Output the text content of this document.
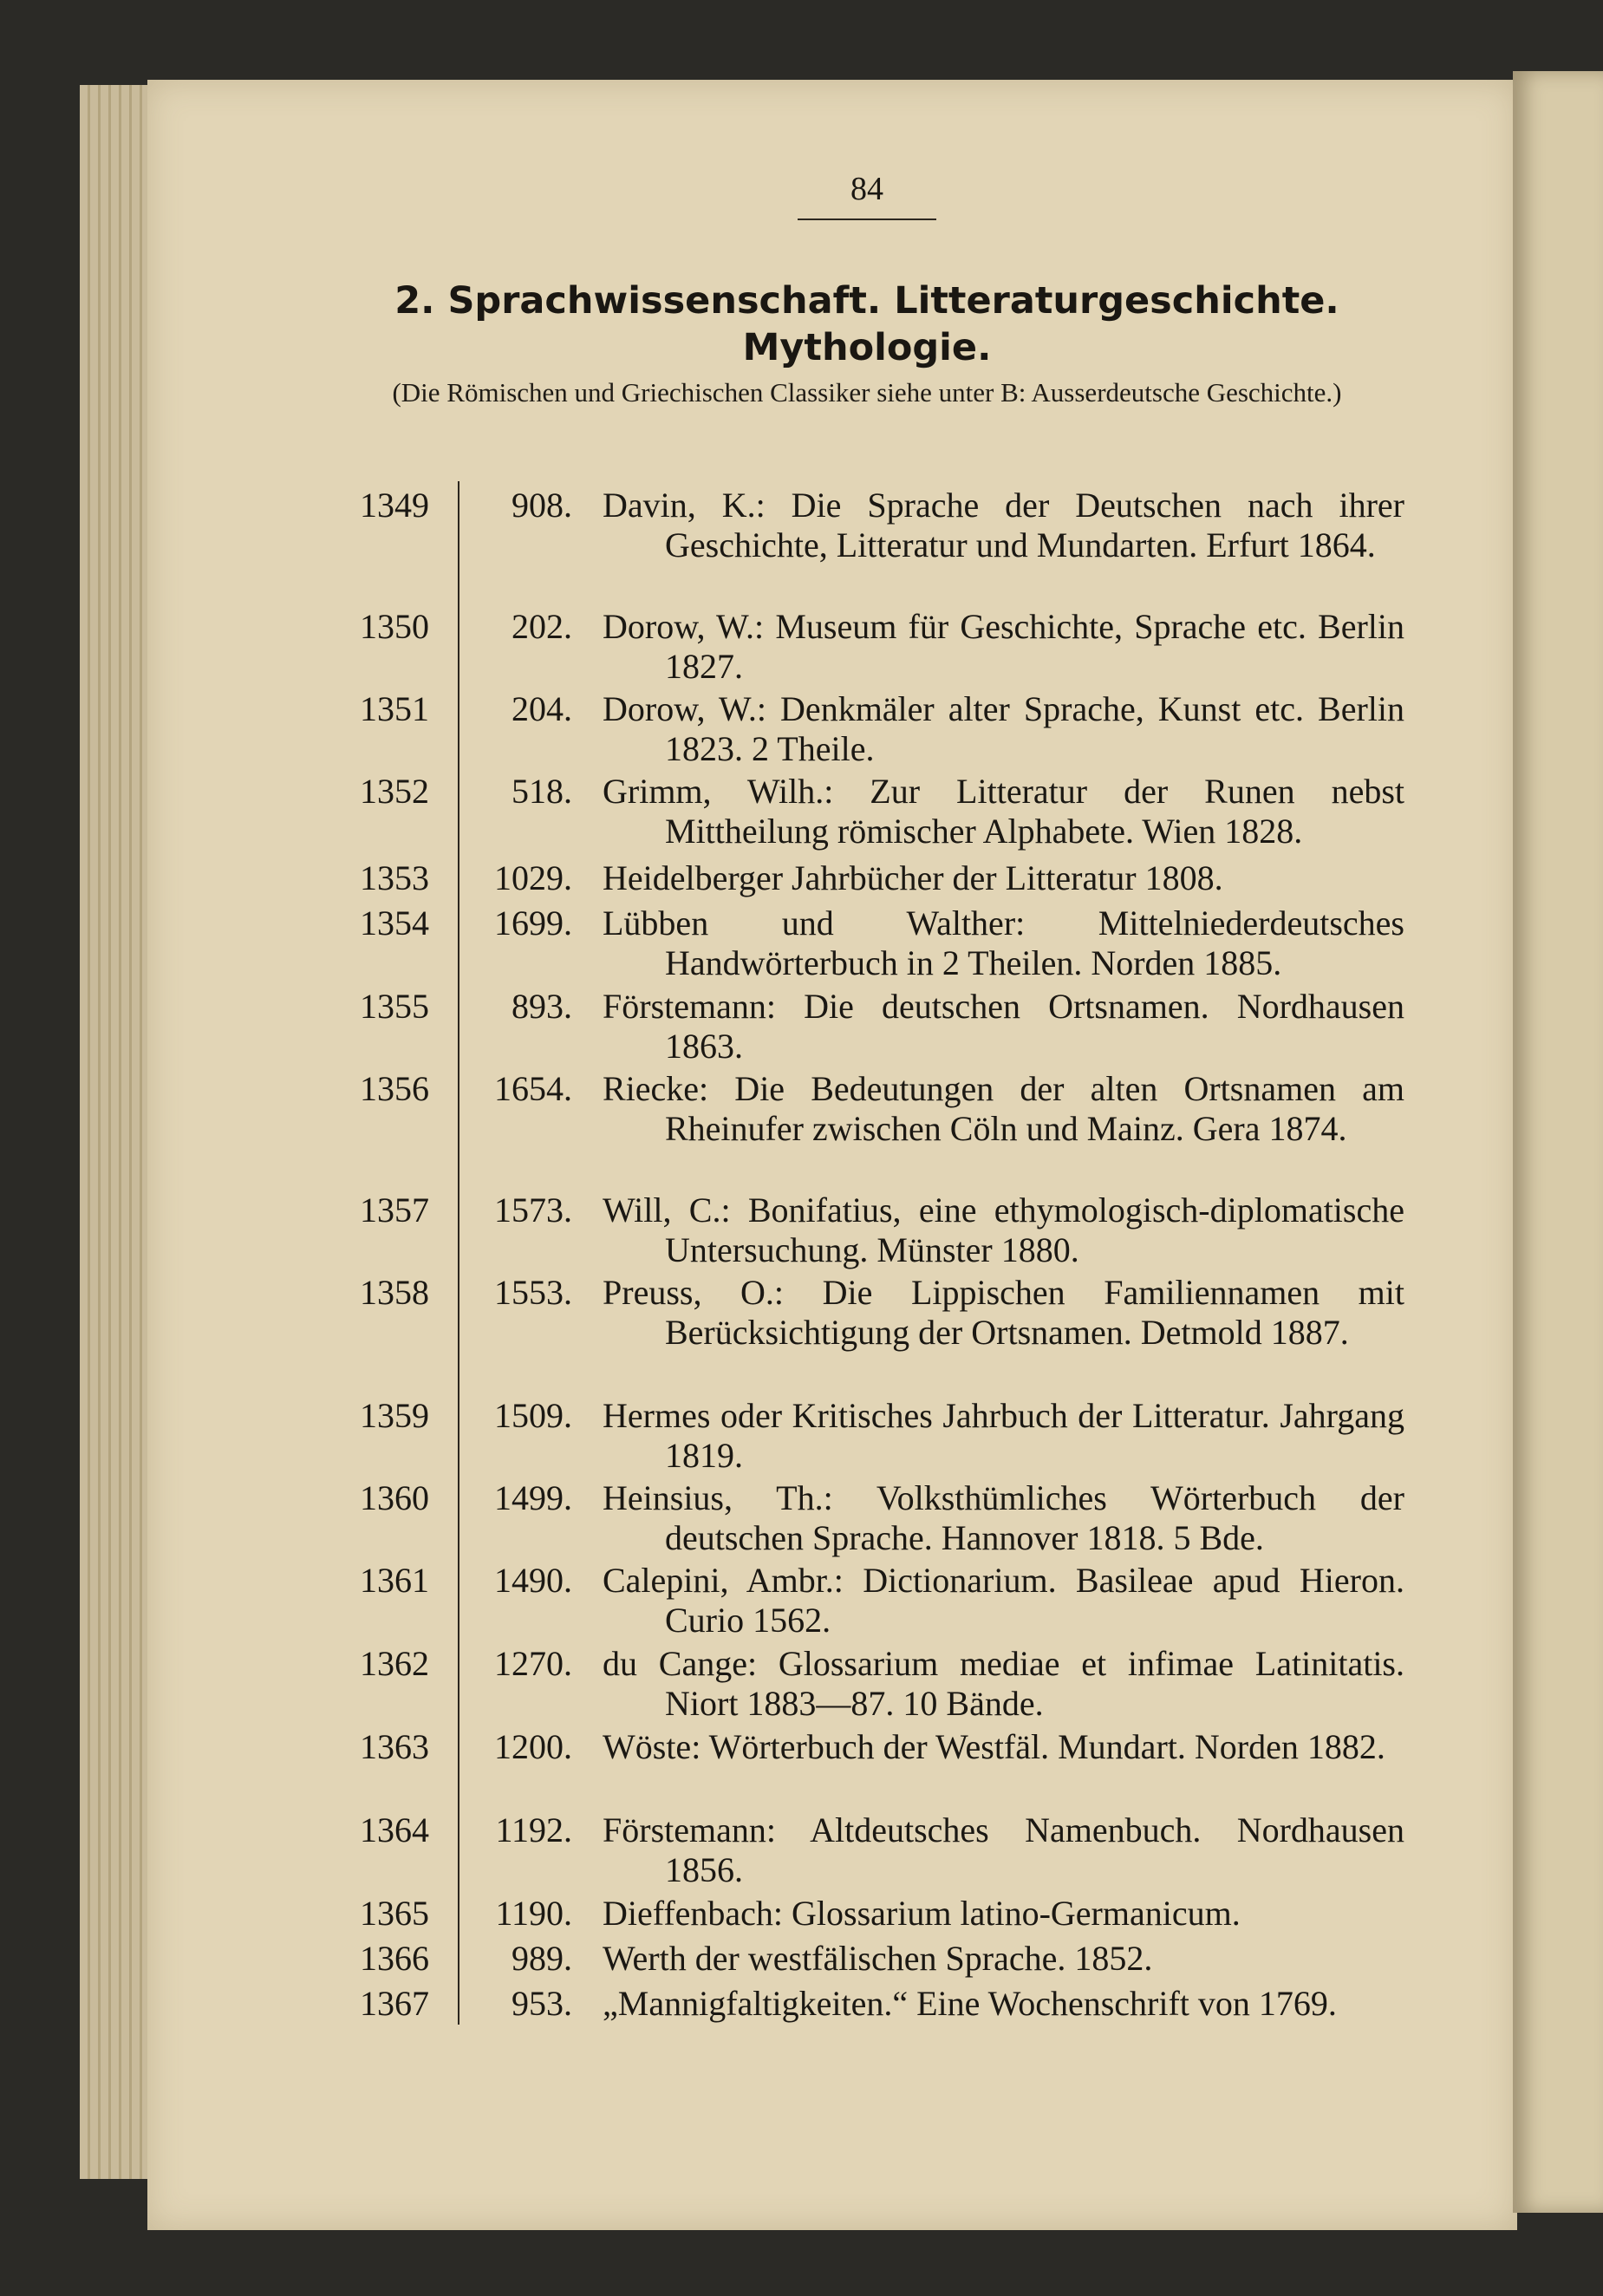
84
2. Sprachwissenschaft. Litteraturgeschichte. Mythologie.
(Die Römischen und Griechischen Classiker siehe unter B: Ausserdeutsche Geschichte.)
1349	908. Davin, K.: Die Sprache der Deutschen nach ihrer Geschichte, Litteratur und Mundarten. Erfurt 1864.
1350	202. Dorow, W.: Museum für Geschichte, Sprache etc. Berlin 1827.
1351	204. Dorow, W.: Denkmäler alter Sprache, Kunst etc. Berlin 1823. 2 Theile.
1352	518. Grimm, Wilh.: Zur Litteratur der Runen nebst Mittheilung römischer Alphabete. Wien 1828.
1353	1029. Heidelberger Jahrbücher der Litteratur 1808.
1354	1699. Lübben und Walther: Mittelniederdeutsches Handwörterbuch in 2 Theilen. Norden 1885.
1355	893. Förstemann: Die deutschen Ortsnamen. Nordhausen 1863.
1356	1654. Riecke: Die Bedeutungen der alten Ortsnamen am Rheinufer zwischen Cöln und Mainz. Gera 1874.
1357	1573. Will, C.: Bonifatius, eine ethymologisch-diplomatische Untersuchung. Münster 1880.
1358	1553. Preuss, O.: Die Lippischen Familiennamen mit Berücksichtigung der Ortsnamen. Detmold 1887.
1359	1509. Hermes oder Kritisches Jahrbuch der Litteratur. Jahrgang 1819.
1360	1499. Heinsius, Th.: Volksthümliches Wörterbuch der deutschen Sprache. Hannover 1818. 5 Bde.
1361	1490. Calepini, Ambr.: Dictionarium. Basileae apud Hieron. Curio 1562.
1362	1270. du Cange: Glossarium mediae et infimae Latinitatis. Niort 1883—87. 10 Bände.
1363	1200. Wöste: Wörterbuch der Westfäl. Mundart. Norden 1882.
1364	1192. Förstemann: Altdeutsches Namenbuch. Nordhausen 1856.
1365	1190. Dieffenbach: Glossarium latino-Germanicum.
1366	989. Werth der westfälischen Sprache. 1852.
1367	953. „Mannigfaltigkeiten.“ Eine Wochenschrift von 1769.
